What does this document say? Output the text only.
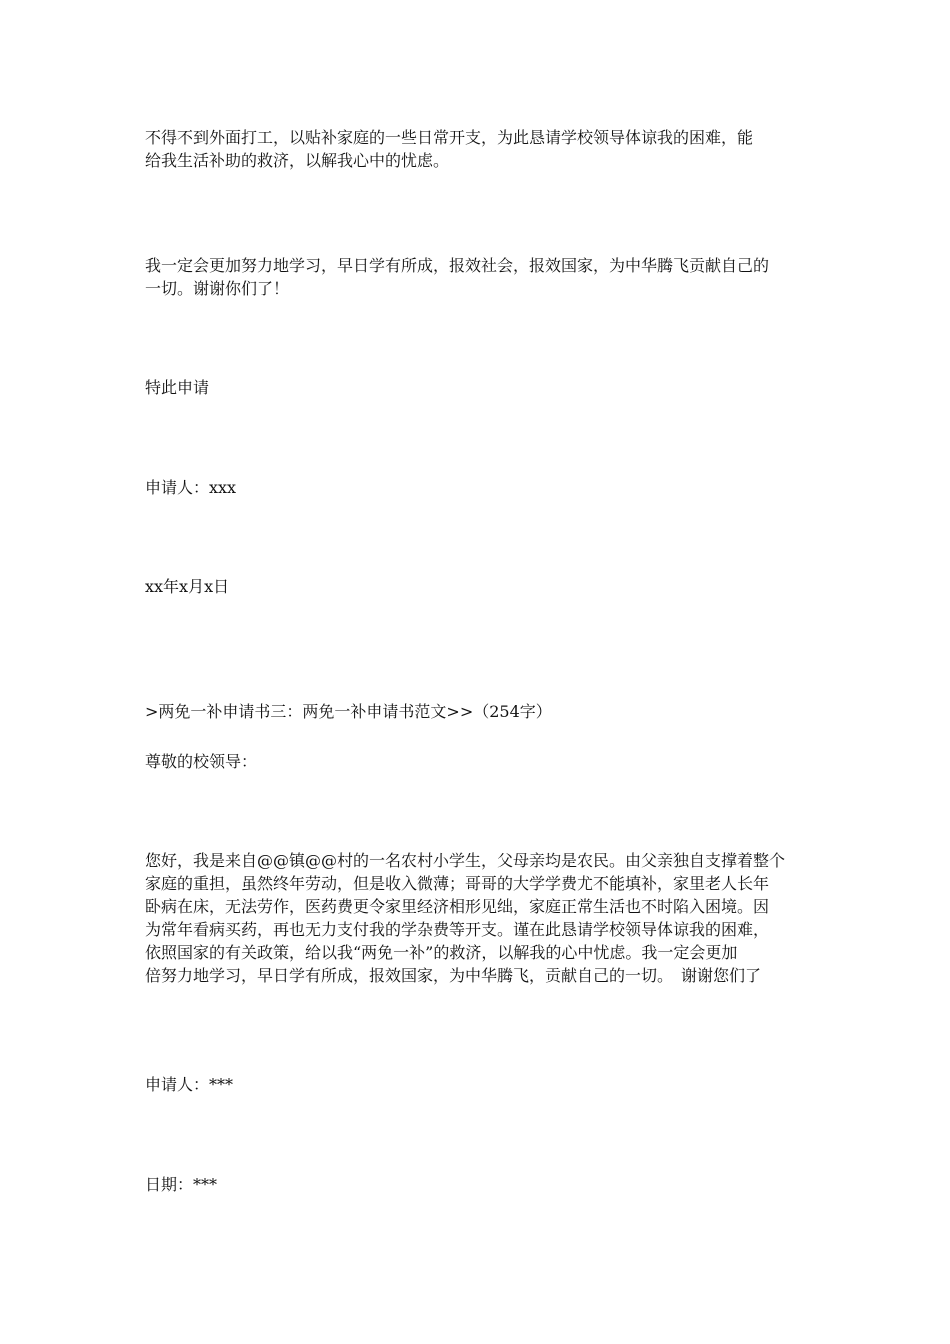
不得不到外面打工，以贴补家庭的一些日常开支，为此恳请学校领导体谅我的困难，能
给我生活补助的救济，以解我心中的忧虑。
我一定会更加努力地学习，早日学有所成，报效社会，报效国家，为中华腾飞贡献自己的
一切。谢谢你们了！
特此申请
申请人：xxx
xx年x月x日
>两免一补申请书三：两免一补申请书范文>>（254字）
尊敬的校领导：
您好，我是来自@@镇@@村的一名农村小学生，父母亲均是农民。由父亲独自支撑着整个
家庭的重担，虽然终年劳动，但是收入微薄；哥哥的大学学费尤不能填补，家里老人长年
卧病在床，无法劳作，医药费更令家里经济相形见绌，家庭正常生活也不时陷入困境。因
为常年看病买药，再也无力支付我的学杂费等开支。谨在此恳请学校领导体谅我的困难，
依照国家的有关政策，给以我“两免一补”的救济，以解我的心中忧虑。我一定会更加
倍努力地学习，早日学有所成，报效国家，为中华腾飞，贡献自己的一切。　谢谢您们了
申请人：***
日期：***
